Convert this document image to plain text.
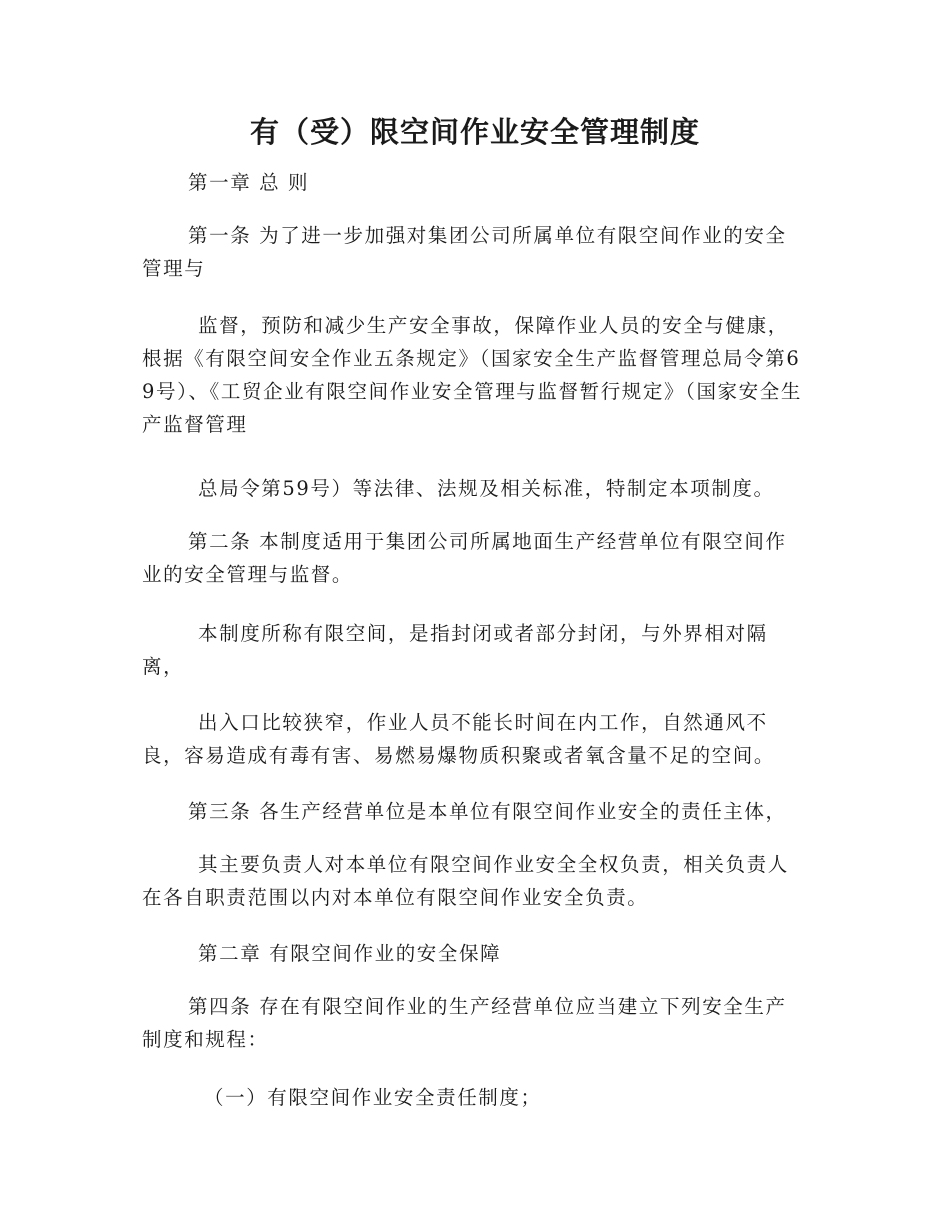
有（受）限空间作业安全管理制度

第一章 总 则

第一条 为了进一步加强对集团公司所属单位有限空间作业的安全管理与

监督，预防和减少生产安全事故，保障作业人员的安全与健康，根据《有限空间安全作业五条规定》（国家安全生产监督管理总局令第69号）、《工贸企业有限空间作业安全管理与监督暂行规定》（国家安全生产监督管理

总局令第59号）等法律、法规及相关标准，特制定本项制度。

第二条 本制度适用于集团公司所属地面生产经营单位有限空间作业的安全管理与监督。

本制度所称有限空间，是指封闭或者部分封闭，与外界相对隔离，

出入口比较狭窄，作业人员不能长时间在内工作，自然通风不良，容易造成有毒有害、易燃易爆物质积聚或者氧含量不足的空间。

第三条 各生产经营单位是本单位有限空间作业安全的责任主体，

其主要负责人对本单位有限空间作业安全全权负责，相关负责人在各自职责范围以内对本单位有限空间作业安全负责。

第二章 有限空间作业的安全保障

第四条 存在有限空间作业的生产经营单位应当建立下列安全生产制度和规程：

（一）有限空间作业安全责任制度；
